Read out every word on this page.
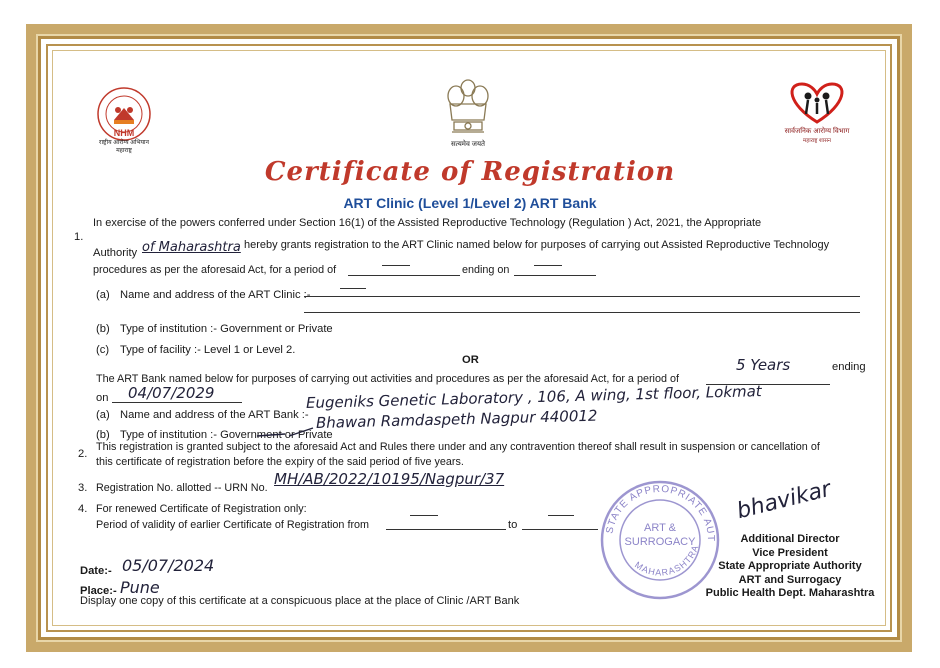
NHM
राष्ट्रीय आरोग्य अभियान
महाराष्ट्र
सत्यमेव जयते
सार्वजनिक आरोग्य विभाग
महाराष्ट्र शासन
Certificate of Registration
ART Clinic (Level 1/Level 2) ART Bank
1.
In exercise of the powers conferred under Section 16(1) of the Assisted Reproductive Technology (Regulation ) Act, 2021, the Appropriate
Authority of Maharashtra hereby grants registration to the ART Clinic named below for purposes of carrying out Assisted Reproductive Technology
procedures as per the aforesaid Act, for a period of	ending on
(a) Name and address of the ART Clinic :-
(b) Type of institution :- Government or Private
(c) Type of facility :- Level 1 or Level 2.
OR
The ART Bank named below for purposes of carrying out activities and procedures as per the aforesaid Act, for a period of
5 Years	ending
on 04/07/2029
(a) Name and address of the ART Bank :-
Eugeniks Genetic Laboratory , 106, A wing, 1st floor, Lokmat
Bhawan Ramdaspeth Nagpur 440012
(b) Type of institution :- Government or Private
2.
This registration is granted subject to the aforesaid Act and Rules there under and any contravention thereof shall result in suspension or cancellation of
this certificate of registration before the expiry of the said period of five years.
3. Registration No. allotted -- URN No. MH/AB/2022/10195/Nagpur/37
4. For renewed Certificate of Registration only:
Period of validity of earlier Certificate of Registration from	to	STATE APPROPRIATE AUT
MAHARASHTRA
ART &
SURROGACY
bhavikar
Additional Director
Vice President
State Appropriate Authority
ART and Surrogacy
Public Health Dept. Maharashtra
Date:- 05/07/2024
Place:- Pune
Display one copy of this certificate at a conspicuous place at the place of Clinic /ART Bank
